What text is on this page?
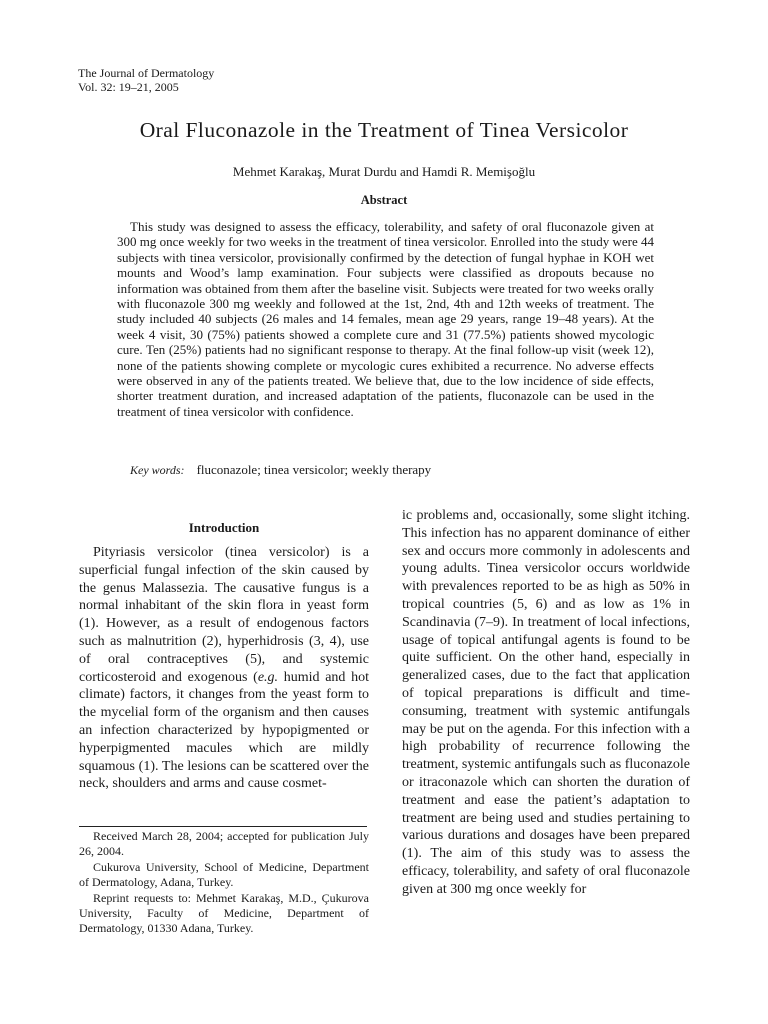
The Journal of Dermatology
Vol. 32: 19–21, 2005
Oral Fluconazole in the Treatment of Tinea Versicolor
Mehmet Karakaş, Murat Durdu and Hamdi R. Memişoğlu
Abstract

This study was designed to assess the efficacy, tolerability, and safety of oral fluconazole given at 300 mg once weekly for two weeks in the treatment of tinea versicolor. Enrolled into the study were 44 subjects with tinea versicolor, provisionally confirmed by the detection of fungal hyphae in KOH wet mounts and Wood’s lamp examination. Four subjects were classified as dropouts because no information was obtained from them after the baseline visit. Subjects were treated for two weeks orally with fluconazole 300 mg weekly and followed at the 1st, 2nd, 4th and 12th weeks of treatment. The study included 40 subjects (26 males and 14 females, mean age 29 years, range 19–48 years). At the week 4 visit, 30 (75%) patients showed a complete cure and 31 (77.5%) patients showed mycologic cure. Ten (25%) patients had no significant response to therapy. At the final follow-up visit (week 12), none of the patients showing complete or mycologic cures exhibited a recurrence. No adverse effects were observed in any of the patients treated. We believe that, due to the low incidence of side effects, shorter treatment duration, and increased adaptation of the patients, fluconazole can be used in the treatment of tinea versicolor with confidence.

Key words: fluconazole; tinea versicolor; weekly therapy
Introduction

Pityriasis versicolor (tinea versicolor) is a superficial fungal infection of the skin caused by the genus Malassezia. The causative fungus is a normal inhabitant of the skin flora in yeast form (1). However, as a result of endogenous factors such as malnutrition (2), hyperhidrosis (3, 4), use of oral contraceptives (5), and systemic corticosteroid and exogenous (e.g. humid and hot climate) factors, it changes from the yeast form to the mycelial form of the organism and then causes an infection characterized by hypopigmented or hyperpigmented macules which are mildly squamous (1). The lesions can be scattered over the neck, shoulders and arms and cause cosmet-

Received March 28, 2004; accepted for publication July 26, 2004.

Cukurova University, School of Medicine, Department of Dermatology, Adana, Turkey.

Reprint requests to: Mehmet Karakaş, M.D., Çukurova University, Faculty of Medicine, Department of Dermatology, 01330 Adana, Turkey.

ic problems and, occasionally, some slight itching. This infection has no apparent dominance of either sex and occurs more commonly in adolescents and young adults. Tinea versicolor occurs worldwide with prevalences reported to be as high as 50% in tropical countries (5, 6) and as low as 1% in Scandinavia (7–9). In treatment of local infections, usage of topical antifungal agents is found to be quite sufficient. On the other hand, especially in generalized cases, due to the fact that application of topical preparations is difficult and time-consuming, treatment with systemic antifungals may be put on the agenda. For this infection with a high probability of recurrence following the treatment, systemic antifungals such as fluconazole or itraconazole which can shorten the duration of treatment and ease the patient’s adaptation to treatment are being used and studies pertaining to various durations and dosages have been prepared (1). The aim of this study was to assess the efficacy, tolerability, and safety of oral fluconazole given at 300 mg once weekly for
